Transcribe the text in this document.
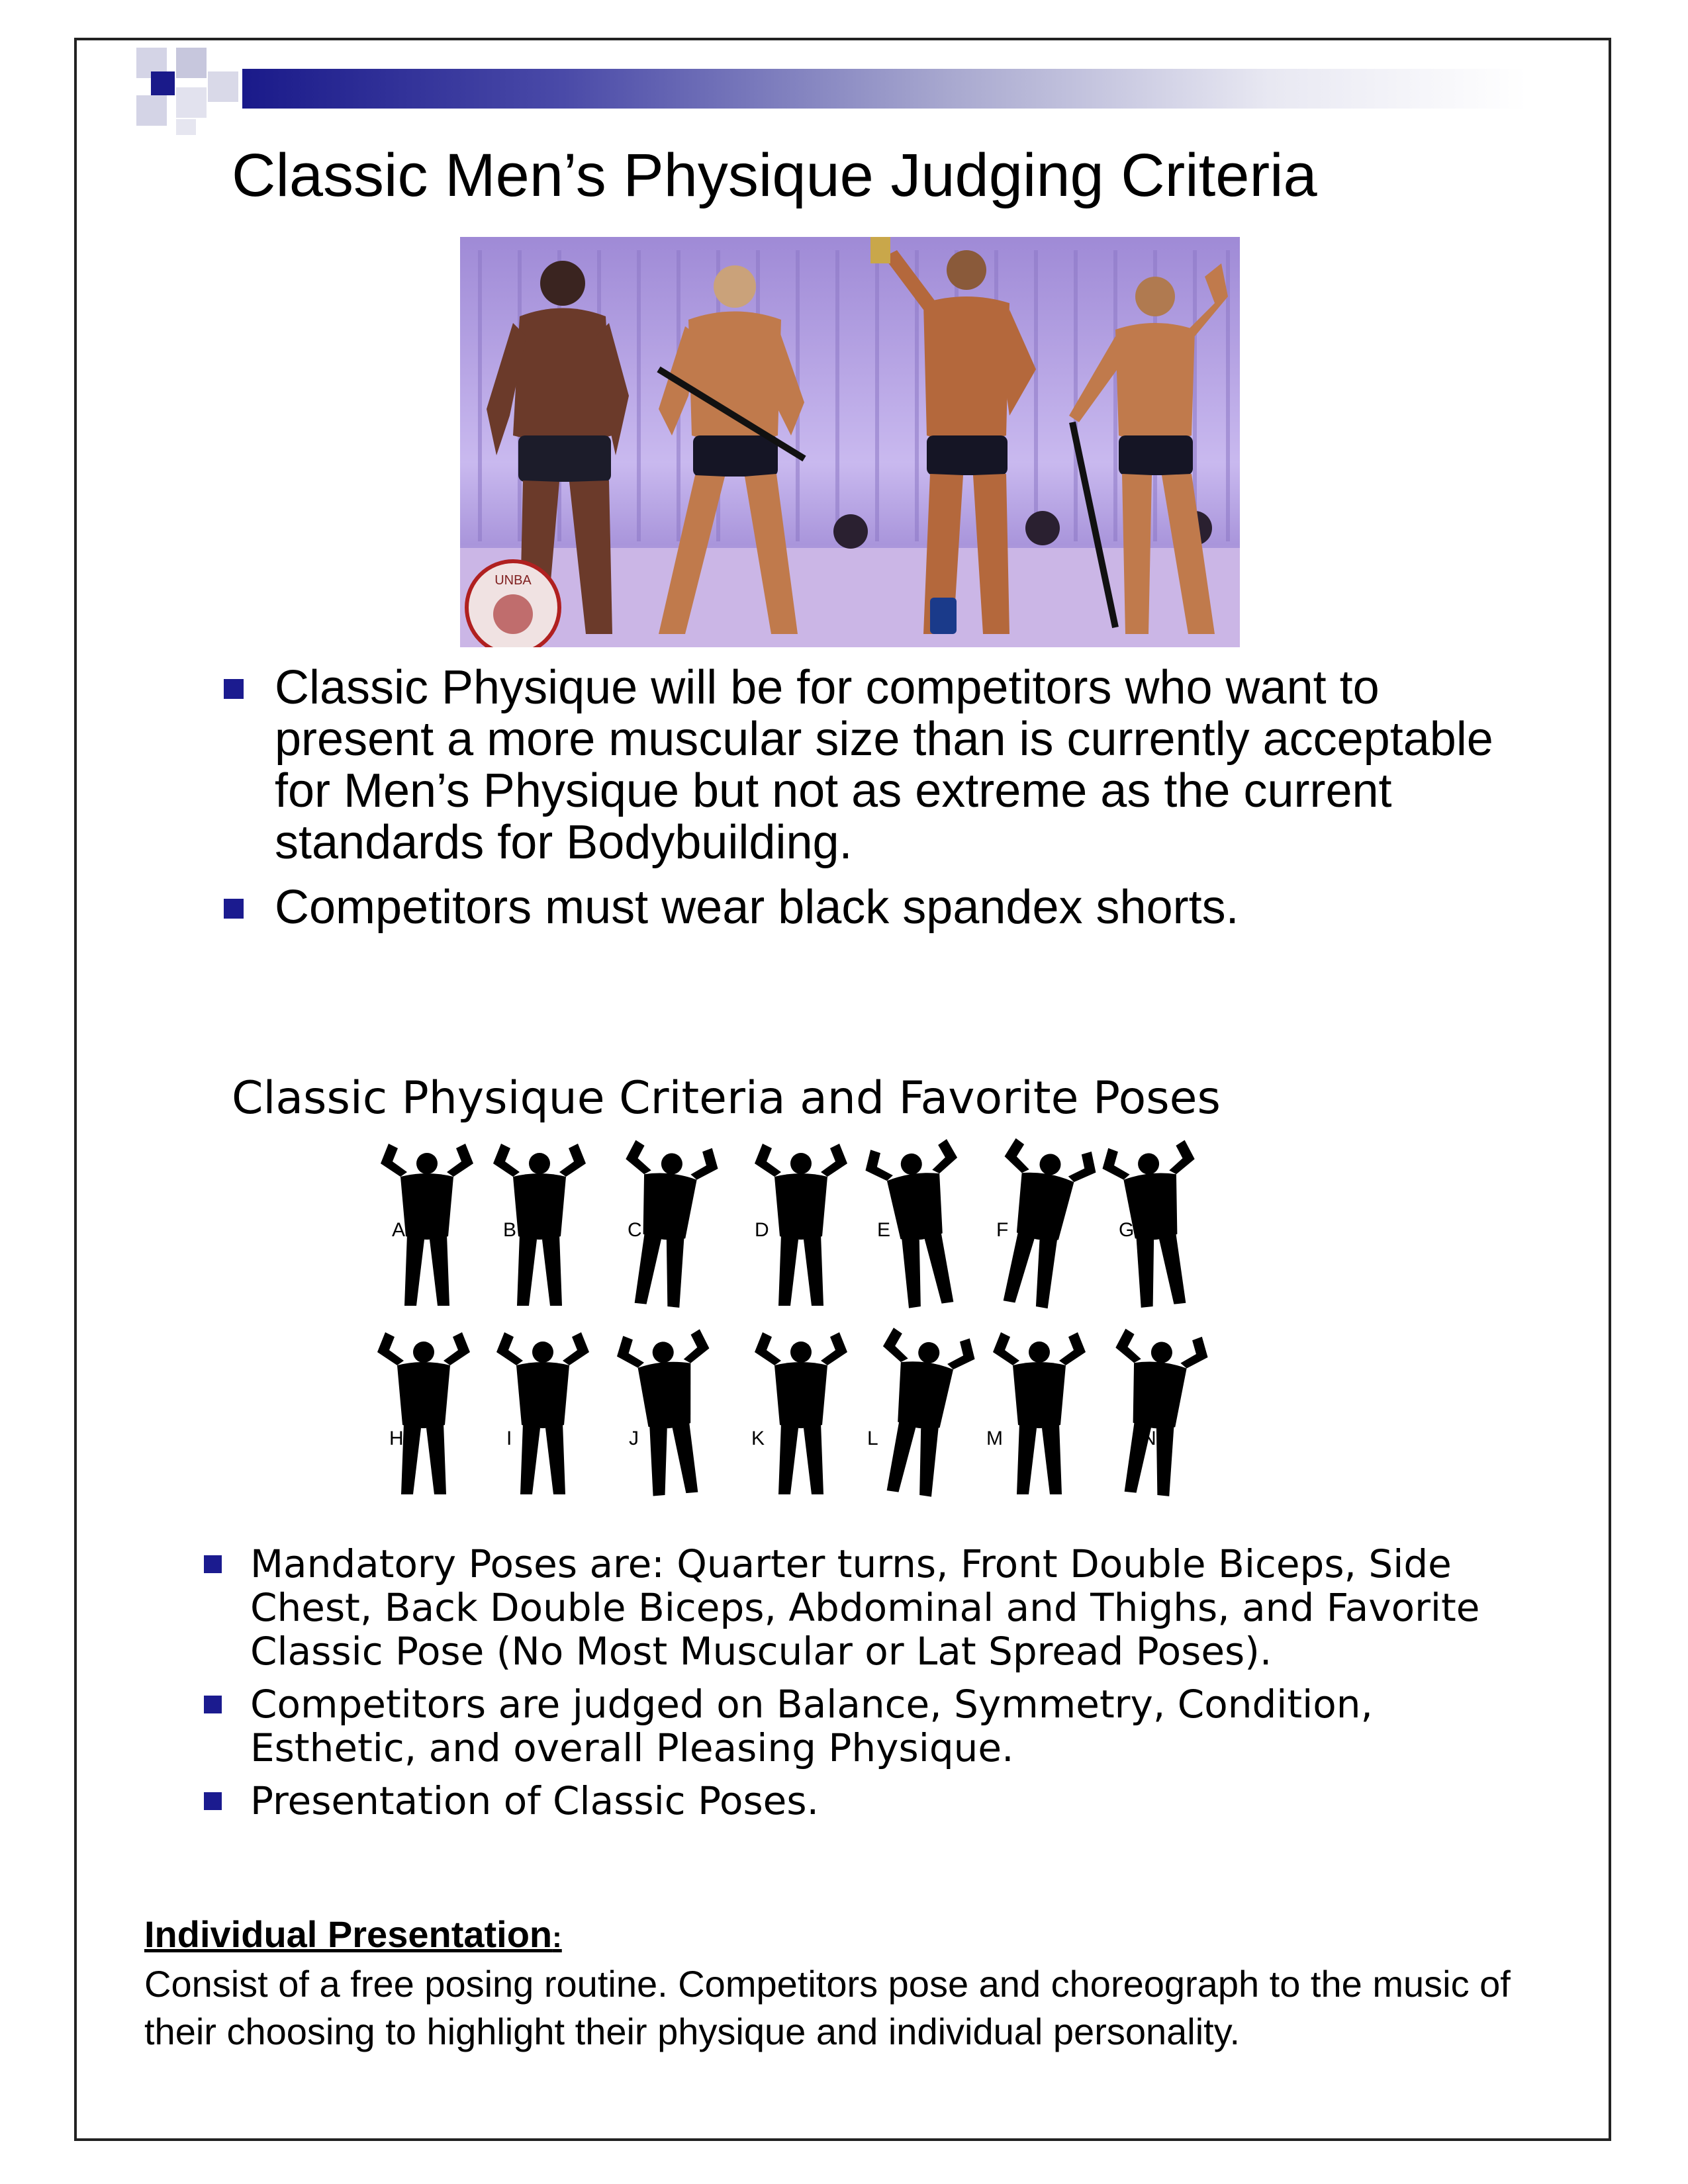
Classic Men’s Physique Judging Criteria
UNBA
Classic Physique will be for competitors who want to present a more muscular size than is currently acceptable for Men’s Physique but not as extreme as the current standards for Bodybuilding.
Competitors must wear black spandex shorts.
Classic Physique Criteria and Favorite Poses
A	B	C	D	E	F	G
H	I	J	K	L	M	N
Mandatory Poses are: Quarter turns, Front Double Biceps, Side Chest, Back Double Biceps, Abdominal and Thighs, and Favorite Classic Pose (No Most Muscular or Lat Spread Poses).
Competitors are judged on Balance, Symmetry, Condition, Esthetic, and overall Pleasing Physique.
Presentation of Classic Poses.
Individual Presentation:
Consist of a free posing routine. Competitors pose and choreograph to the music of their choosing to highlight their physique and individual personality.
